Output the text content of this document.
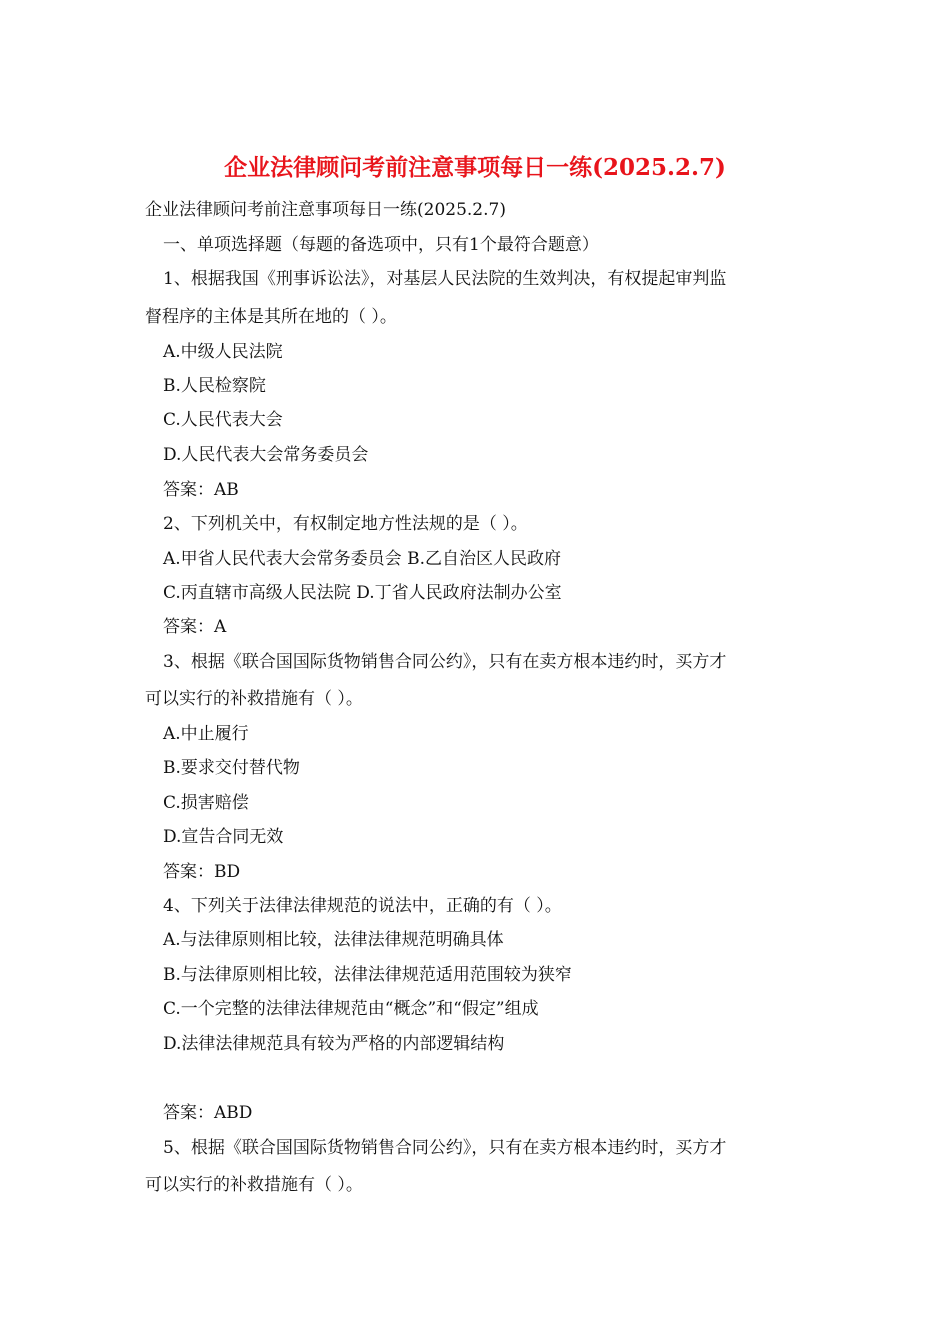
企业法律顾问考前注意事项每日一练(2025.2.7)

企业法律顾问考前注意事项每日一练(2025.2.7)

一、单项选择题（每题的备选项中，只有1个最符合题意）

1、根据我国《刑事诉讼法》，对基层人民法院的生效判决，有权提起审判监

督程序的主体是其所在地的（ ）。

A.中级人民法院

B.人民检察院

C.人民代表大会

D.人民代表大会常务委员会

答案：AB

2、下列机关中，有权制定地方性法规的是（ ）。

A.甲省人民代表大会常务委员会 B.乙自治区人民政府

C.丙直辖市高级人民法院 D.丁省人民政府法制办公室

答案：A

3、根据《联合国国际货物销售合同公约》，只有在卖方根本违约时，买方才

可以实行的补救措施有（ ）。

A.中止履行

B.要求交付替代物

C.损害赔偿

D.宣告合同无效

答案：BD

4、下列关于法律法律规范的说法中，正确的有（ ）。

A.与法律原则相比较，法律法律规范明确具体

B.与法律原则相比较，法律法律规范适用范围较为狭窄

C.一个完整的法律法律规范由“概念”和“假定”组成

D.法律法律规范具有较为严格的内部逻辑结构

答案：ABD

5、根据《联合国国际货物销售合同公约》，只有在卖方根本违约时，买方才

可以实行的补救措施有（ ）。
